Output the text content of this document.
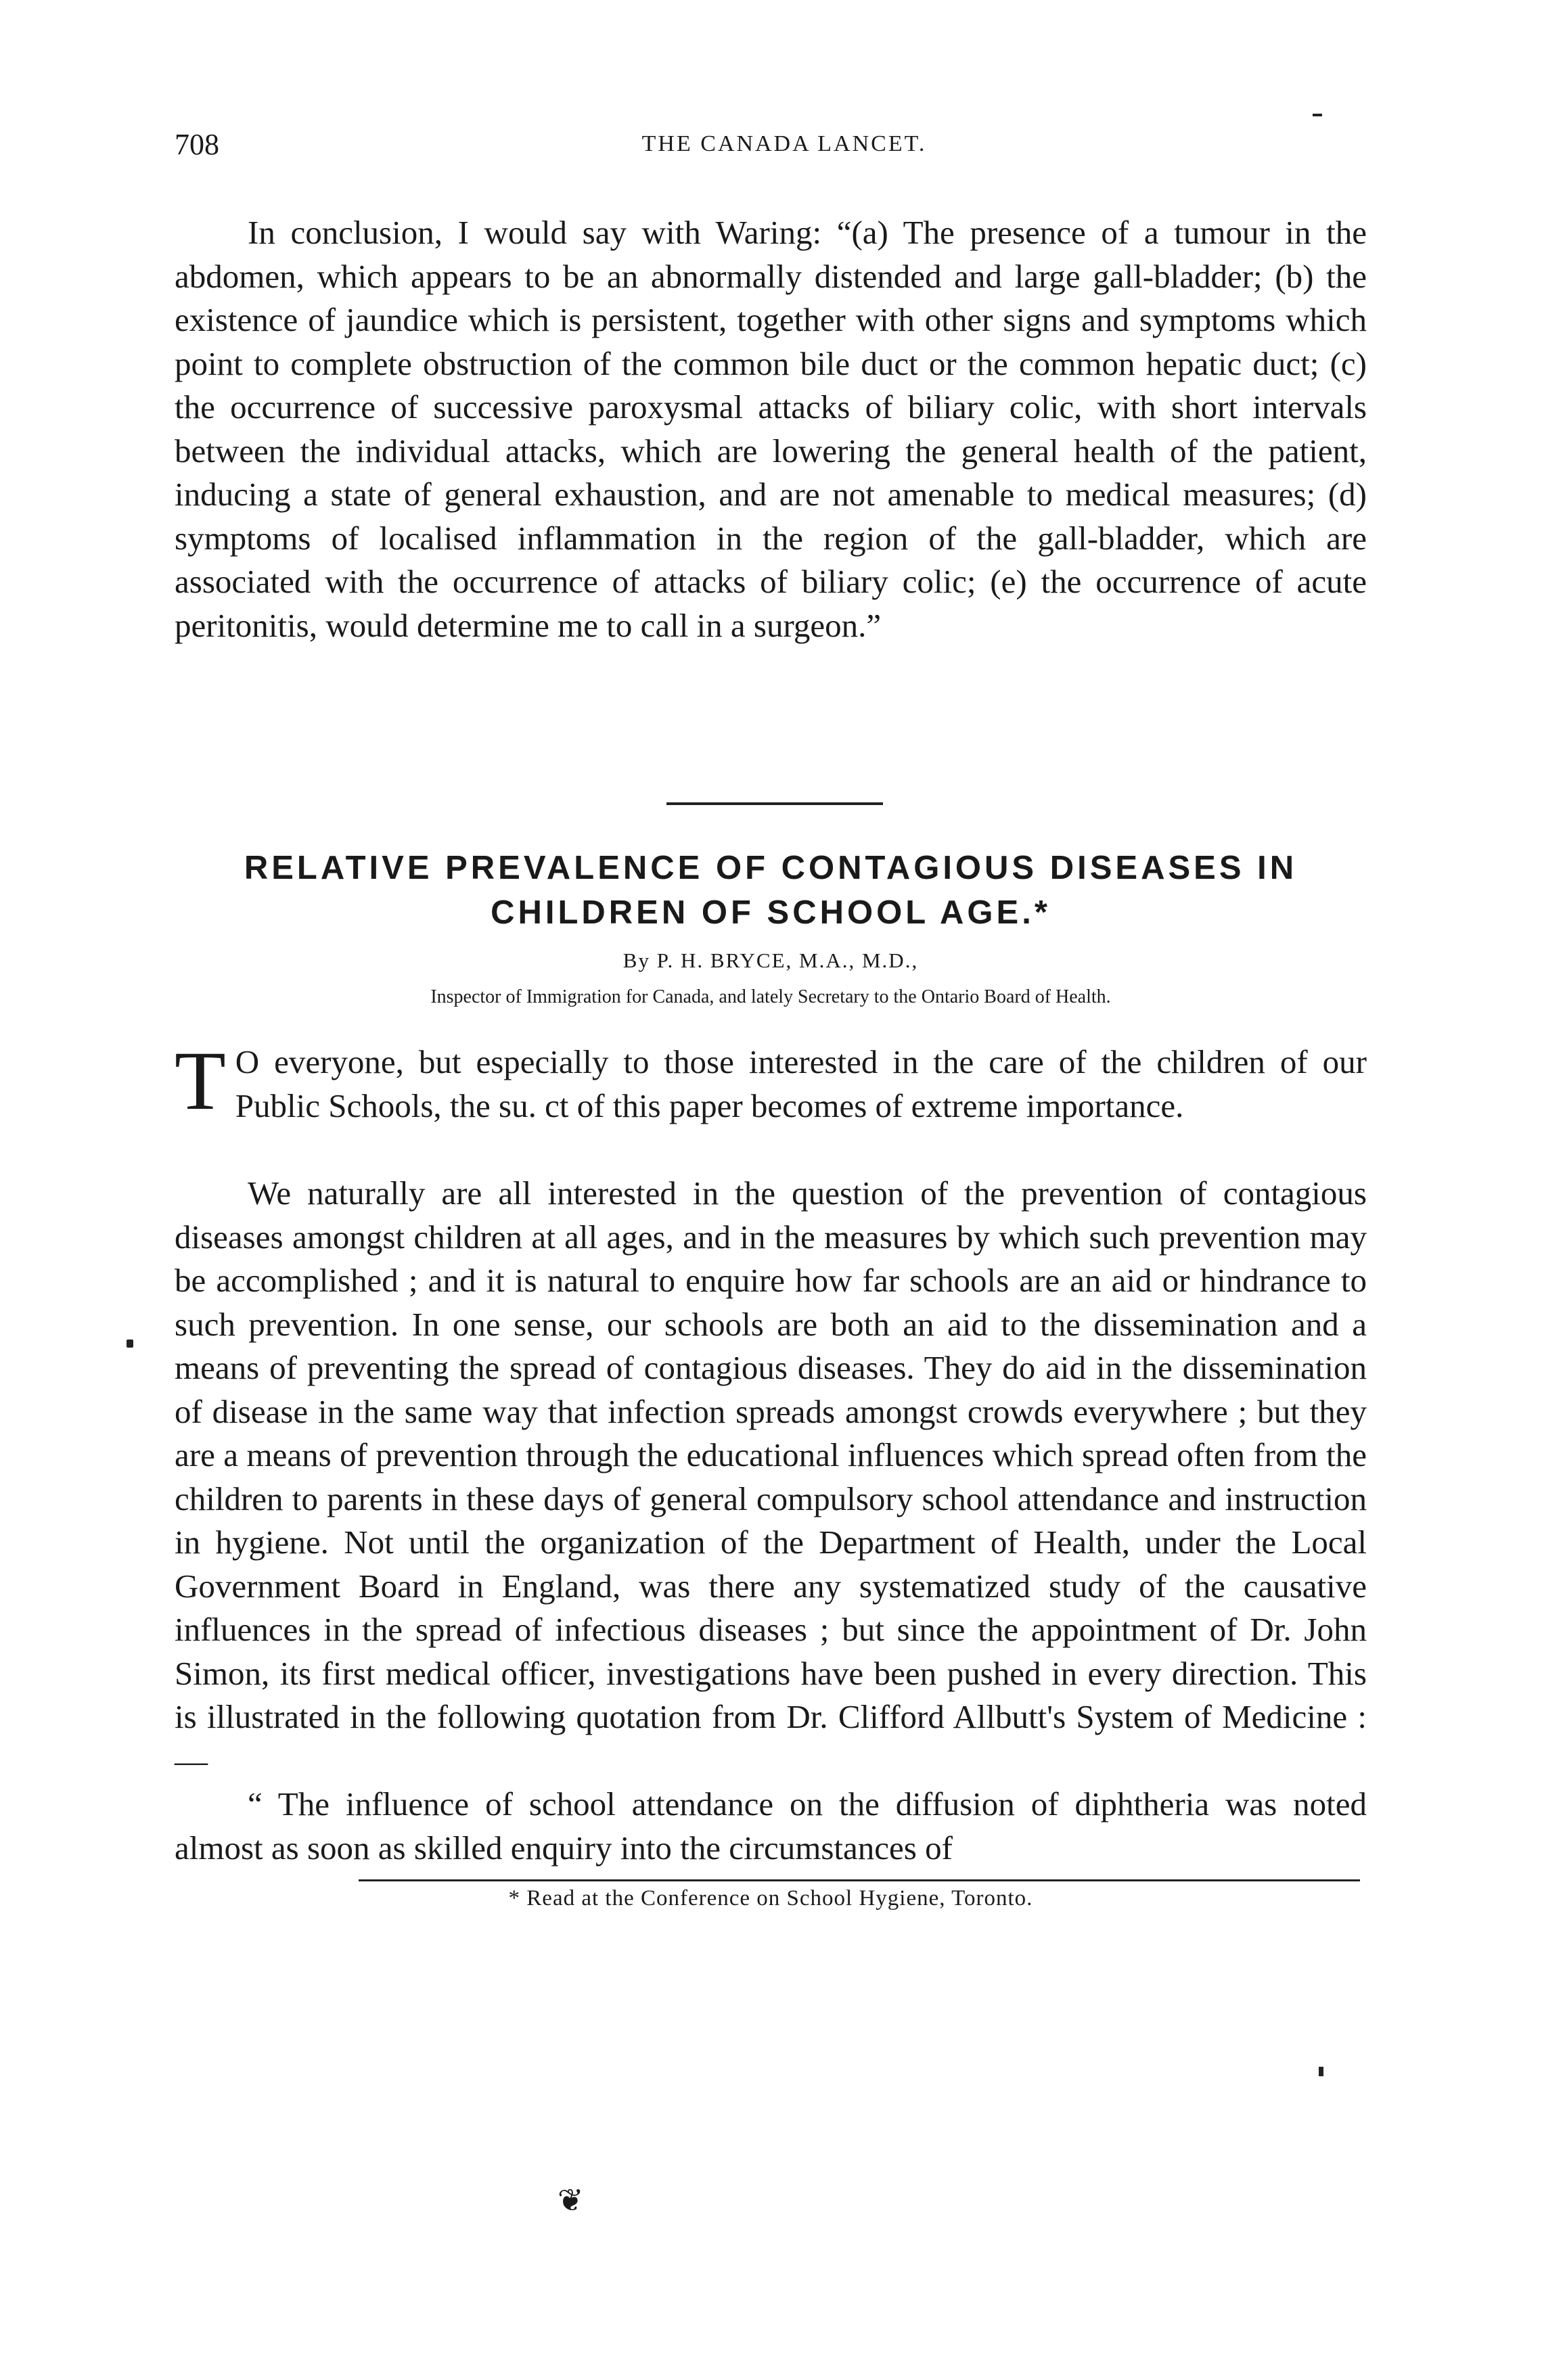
708	THE CANADA LANCET.

In conclusion, I would say with Waring: “(a) The presence of a tumour in the abdomen, which appears to be an abnormally distended and large gall-bladder; (b) the existence of jaundice which is persistent, together with other signs and symptoms which point to complete obstruction of the common bile duct or the common hepatic duct; (c) the occurrence of successive paroxysmal attacks of biliary colic, with short intervals between the individual attacks, which are lowering the general health of the patient, inducing a state of general exhaustion, and are not amenable to medical measures; (d) symptoms of localised inflammation in the region of the gall-bladder, which are associated with the occurrence of attacks of biliary colic; (e) the occurrence of acute peritonitis, would determine me to call in a surgeon.”

RELATIVE PREVALENCE OF CONTAGIOUS DISEASES IN
CHILDREN OF SCHOOL AGE.*

By P. H. BRYCE, M.A., M.D.,

Inspector of Immigration for Canada, and lately Secretary to the Ontario Board of Health.

T O everyone, but especially to those interested in the care of the children of our Public Schools, the su. ct of this paper becomes of extreme importance.

We naturally are all interested in the question of the prevention of contagious diseases amongst children at all ages, and in the measures by which such prevention may be accomplished ; and it is natural to enquire how far schools are an aid or hindrance to such prevention. In one sense, our schools are both an aid to the dissemination and a means of preventing the spread of contagious diseases. They do aid in the dissemination of disease in the same way that infection spreads amongst crowds everywhere ; but they are a means of prevention through the educational influences which spread often from the children to parents in these days of general compulsory school attendance and instruction in hygiene. Not until the organization of the Department of Health, under the Local Government Board in England, was there any systematized study of the causative influences in the spread of infectious diseases ; but since the appointment of Dr. John Simon, its first medical officer, investigations have been pushed in every direction. This is illustrated in the following quotation from Dr. Clifford Allbutt's System of Medicine :—

“ The influence of school attendance on the diffusion of diphtheria was noted almost as soon as skilled enquiry into the circumstances of

* Read at the Conference on School Hygiene, Toronto.

❦
